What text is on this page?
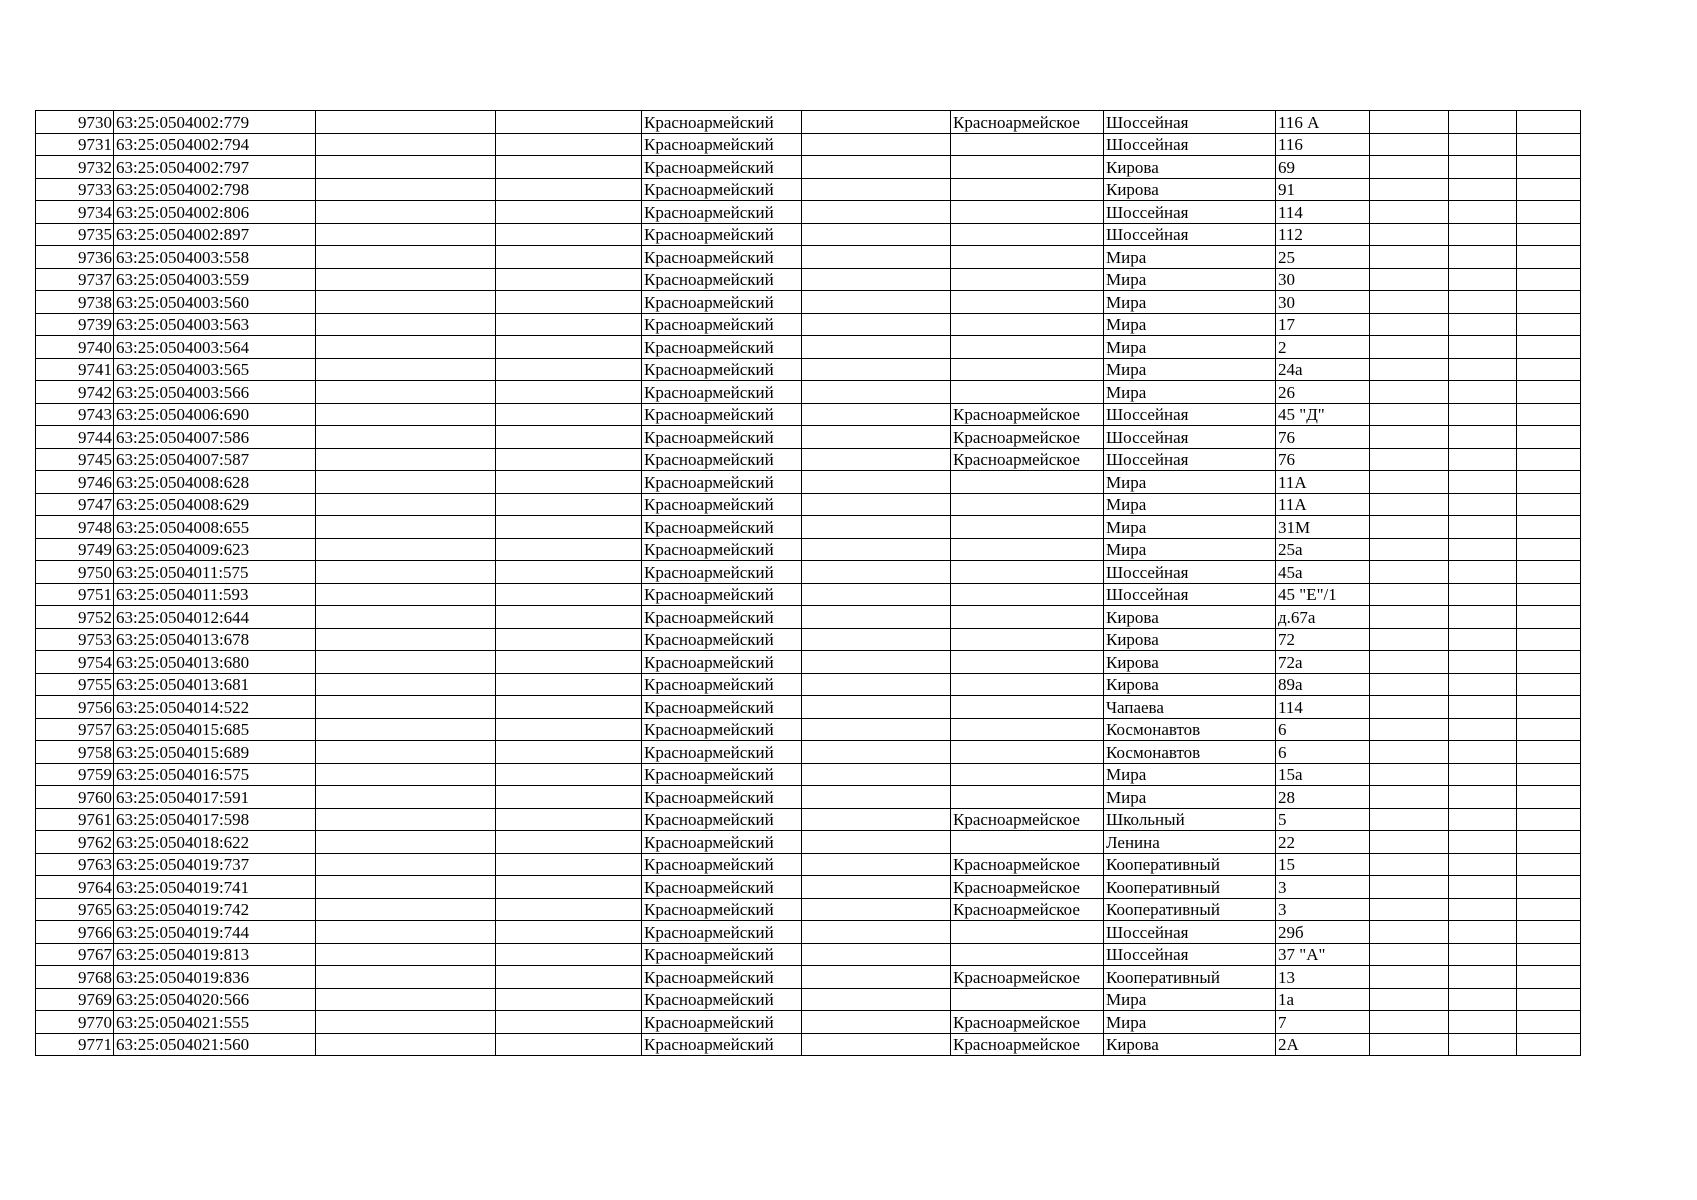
9730	63:25:0504002:779			Красноармейский		Красноармейское	Шоссейная	116 А			
9731	63:25:0504002:794			Красноармейский			Шоссейная	116			
9732	63:25:0504002:797			Красноармейский			Кирова	69			
9733	63:25:0504002:798			Красноармейский			Кирова	91			
9734	63:25:0504002:806			Красноармейский			Шоссейная	114			
9735	63:25:0504002:897			Красноармейский			Шоссейная	112			
9736	63:25:0504003:558			Красноармейский			Мира	25			
9737	63:25:0504003:559			Красноармейский			Мира	30			
9738	63:25:0504003:560			Красноармейский			Мира	30			
9739	63:25:0504003:563			Красноармейский			Мира	17			
9740	63:25:0504003:564			Красноармейский			Мира	2			
9741	63:25:0504003:565			Красноармейский			Мира	24а			
9742	63:25:0504003:566			Красноармейский			Мира	26			
9743	63:25:0504006:690			Красноармейский		Красноармейское	Шоссейная	45 "Д"			
9744	63:25:0504007:586			Красноармейский		Красноармейское	Шоссейная	76			
9745	63:25:0504007:587			Красноармейский		Красноармейское	Шоссейная	76			
9746	63:25:0504008:628			Красноармейский			Мира	11А			
9747	63:25:0504008:629			Красноармейский			Мира	11А			
9748	63:25:0504008:655			Красноармейский			Мира	31М			
9749	63:25:0504009:623			Красноармейский			Мира	25а			
9750	63:25:0504011:575			Красноармейский			Шоссейная	45а			
9751	63:25:0504011:593			Красноармейский			Шоссейная	45 "Е"/1			
9752	63:25:0504012:644			Красноармейский			Кирова	д.67а			
9753	63:25:0504013:678			Красноармейский			Кирова	72			
9754	63:25:0504013:680			Красноармейский			Кирова	72а			
9755	63:25:0504013:681			Красноармейский			Кирова	89а			
9756	63:25:0504014:522			Красноармейский			Чапаева	114			
9757	63:25:0504015:685			Красноармейский			Космонавтов	6			
9758	63:25:0504015:689			Красноармейский			Космонавтов	6			
9759	63:25:0504016:575			Красноармейский			Мира	15а			
9760	63:25:0504017:591			Красноармейский			Мира	28			
9761	63:25:0504017:598			Красноармейский		Красноармейское	Школьный	5			
9762	63:25:0504018:622			Красноармейский			Ленина	22			
9763	63:25:0504019:737			Красноармейский		Красноармейское	Кооперативный	15			
9764	63:25:0504019:741			Красноармейский		Красноармейское	Кооперативный	3			
9765	63:25:0504019:742			Красноармейский		Красноармейское	Кооперативный	3			
9766	63:25:0504019:744			Красноармейский			Шоссейная	29б			
9767	63:25:0504019:813			Красноармейский			Шоссейная	37 "А"			
9768	63:25:0504019:836			Красноармейский		Красноармейское	Кооперативный	13			
9769	63:25:0504020:566			Красноармейский			Мира	1а			
9770	63:25:0504021:555			Красноармейский		Красноармейское	Мира	7			
9771	63:25:0504021:560			Красноармейский		Красноармейское	Кирова	2А			
